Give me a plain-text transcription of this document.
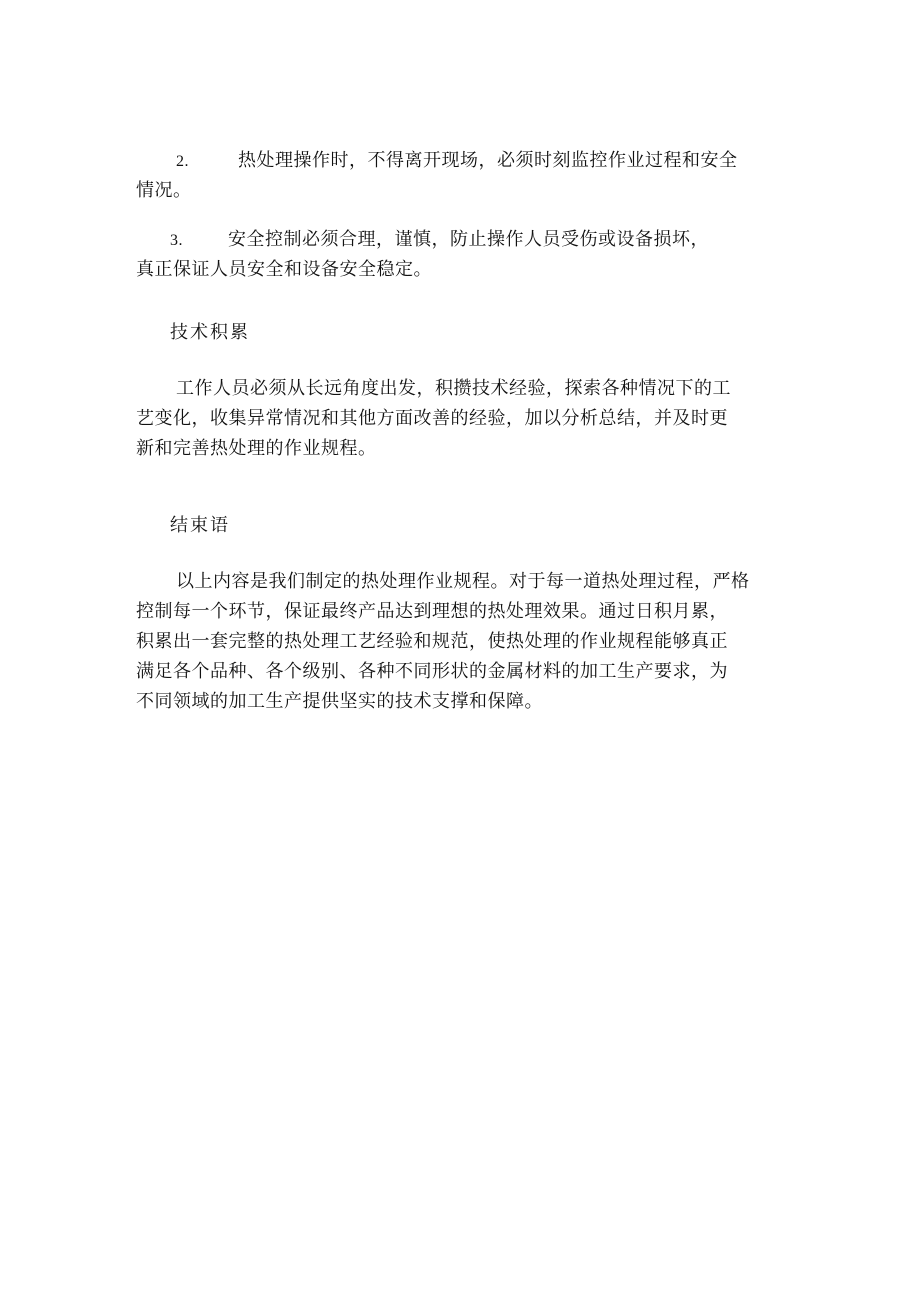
2.	热处理操作时，不得离开现场，必须时刻监控作业过程和安全
情况。
3.	安全控制必须合理，谨慎，防止操作人员受伤或设备损坏，
真正保证人员安全和设备安全稳定。
技术积累
工作人员必须从长远角度出发，积攒技术经验，探索各种情况下的工
艺变化，收集异常情况和其他方面改善的经验，加以分析总结，并及时更
新和完善热处理的作业规程。
结束语
以上内容是我们制定的热处理作业规程。对于每一道热处理过程，严格
控制每一个环节，保证最终产品达到理想的热处理效果。通过日积月累，
积累出一套完整的热处理工艺经验和规范，使热处理的作业规程能够真正
满足各个品种、各个级别、各种不同形状的金属材料的加工生产要求，为
不同领域的加工生产提供坚实的技术支撑和保障。
